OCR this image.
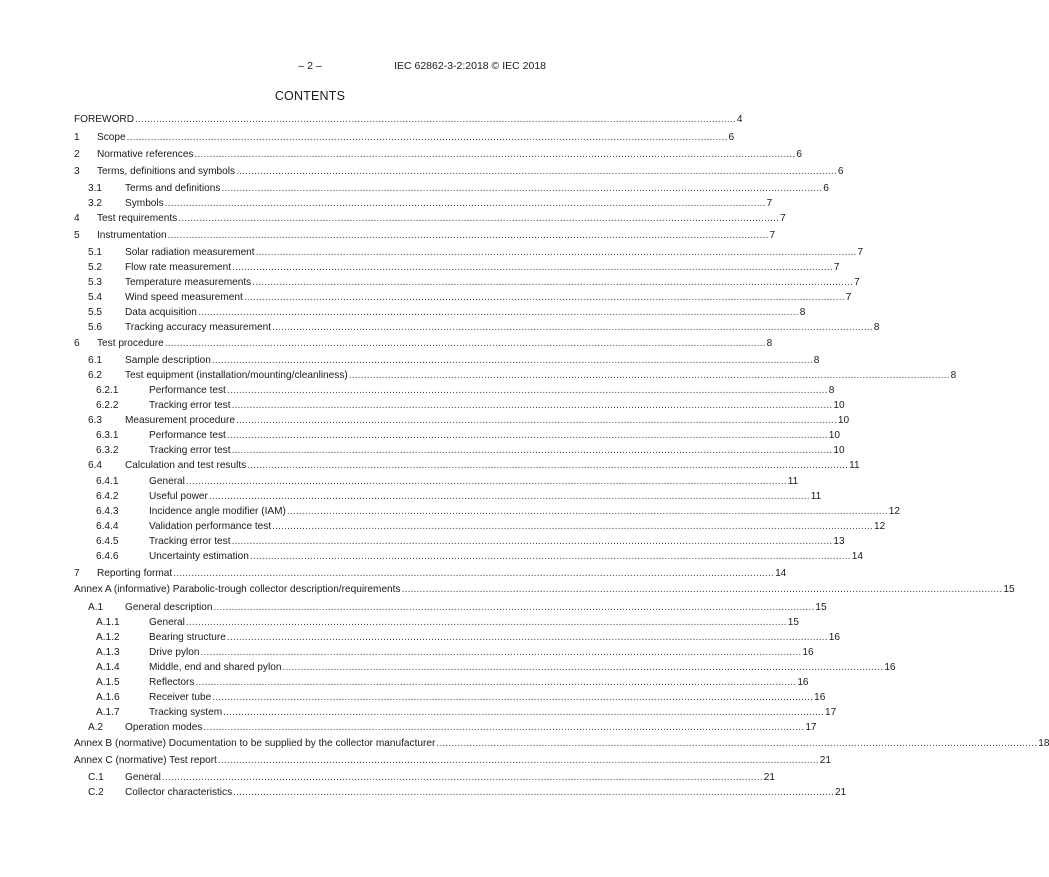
– 2 –	IEC 62862-3-2:2018 © IEC 2018
CONTENTS
FOREWORD ........................................................................................................................................................................................................ 4
1	Scope ........................................................................................................................................................................................................ 6
2	Normative references ........................................................................................................................................................................................................ 6
3	Terms, definitions and symbols ........................................................................................................................................................................................................ 6
3.1	Terms and definitions ........................................................................................................................................................................................................ 6
3.2	Symbols ........................................................................................................................................................................................................ 7
4	Test requirements ........................................................................................................................................................................................................ 7
5	Instrumentation ........................................................................................................................................................................................................ 7
5.1	Solar radiation measurement ........................................................................................................................................................................................................ 7
5.2	Flow rate measurement ........................................................................................................................................................................................................ 7
5.3	Temperature measurements ........................................................................................................................................................................................................ 7
5.4	Wind speed measurement ........................................................................................................................................................................................................ 7
5.5	Data acquisition ........................................................................................................................................................................................................ 8
5.6	Tracking accuracy measurement ........................................................................................................................................................................................................ 8
6	Test procedure ........................................................................................................................................................................................................ 8
6.1	Sample description ........................................................................................................................................................................................................ 8
6.2	Test equipment (installation/mounting/cleanliness) ........................................................................................................................................................................................................ 8
6.2.1	Performance test ........................................................................................................................................................................................................ 8
6.2.2	Tracking error test ........................................................................................................................................................................................................ 10
6.3	Measurement procedure ........................................................................................................................................................................................................ 10
6.3.1	Performance test ........................................................................................................................................................................................................ 10
6.3.2	Tracking error test ........................................................................................................................................................................................................ 10
6.4	Calculation and test results ........................................................................................................................................................................................................ 11
6.4.1	General ........................................................................................................................................................................................................ 11
6.4.2	Useful power ........................................................................................................................................................................................................ 11
6.4.3	Incidence angle modifier (IAM) ........................................................................................................................................................................................................ 12
6.4.4	Validation performance test ........................................................................................................................................................................................................ 12
6.4.5	Tracking error test ........................................................................................................................................................................................................ 13
6.4.6	Uncertainty estimation ........................................................................................................................................................................................................ 14
7	Reporting format ........................................................................................................................................................................................................ 14
Annex A (informative) Parabolic-trough collector description/requirements ........................................................................................................................................................................................................ 15
A.1	General description ........................................................................................................................................................................................................ 15
A.1.1	General ........................................................................................................................................................................................................ 15
A.1.2	Bearing structure ........................................................................................................................................................................................................ 16
A.1.3	Drive pylon ........................................................................................................................................................................................................ 16
A.1.4	Middle, end and shared pylon ........................................................................................................................................................................................................ 16
A.1.5	Reflectors ........................................................................................................................................................................................................ 16
A.1.6	Receiver tube ........................................................................................................................................................................................................ 16
A.1.7	Tracking system ........................................................................................................................................................................................................ 17
A.2	Operation modes ........................................................................................................................................................................................................ 17
Annex B (normative) Documentation to be supplied by the collector manufacturer ........................................................................................................................................................................................................ 18
Annex C (normative) Test report ........................................................................................................................................................................................................ 21
C.1	General ........................................................................................................................................................................................................ 21
C.2	Collector characteristics ........................................................................................................................................................................................................ 21
